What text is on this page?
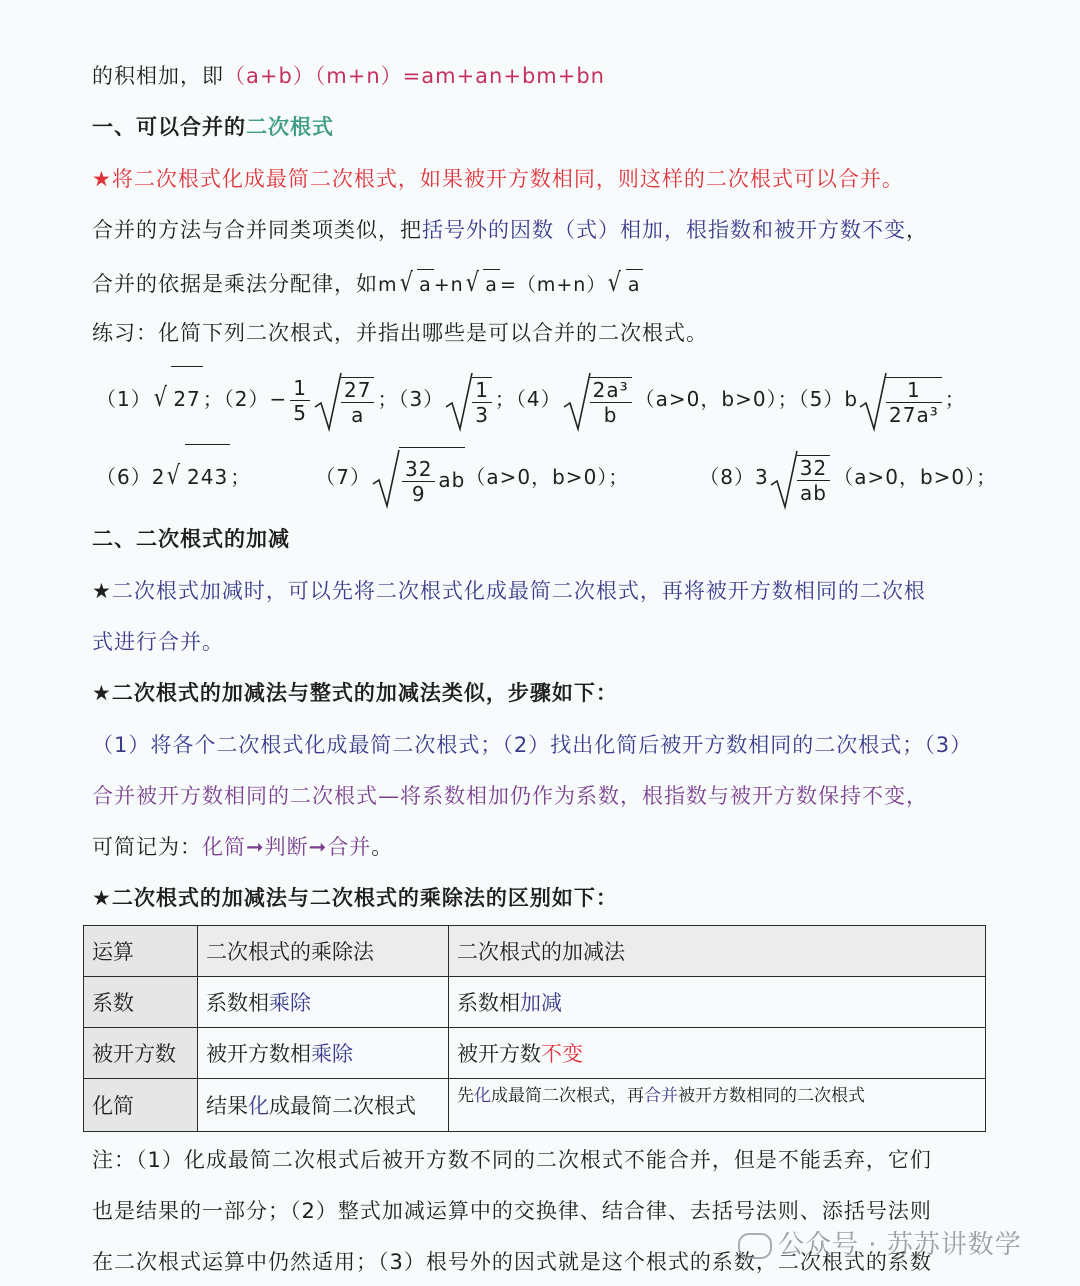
的积相加，即（a+b）（m+n）=am+an+bm+bn
一、可以合并的二次根式
★将二次根式化成最简二次根式，如果被开方数相同，则这样的二次根式可以合并。
合并的方法与合并同类项类似，把括号外的因数（式）相加，根指数和被开方数不变，
合并的依据是乘法分配律，如m√ a +n√ a =（m+n）√ a
练习：化简下列二次根式，并指出哪些是可以合并的二次根式。
（1）√ 27 ；$(2)- \frac{1}{5} \frac{27}{a}$ ；$(3) \frac{1}{3}$ ；$(4) \frac{\text{2a³}}{b} (a>0$，b>0）；$(5)b \frac{1}{\text{27a³}}$ ；
（6）2√ 243 ；	$(7) \frac{32}{9} ab(a>0$，b>0）；	$(8)3 \frac{32}{ab} (a>0$，b>0）；
二、二次根式的加减
★二次根式加减时，可以先将二次根式化成最简二次根式，再将被开方数相同的二次根
式进行合并。
★二次根式的加减法与整式的加减法类似，步骤如下：
（1）将各个二次根式化成最简二次根式；（2）找出化简后被开方数相同的二次根式；（3）
合并被开方数相同的二次根式—将系数相加仍作为系数，根指数与被开方数保持不变，
可简记为：化简➞判断➞合并。
★二次根式的加减法与二次根式的乘除法的区别如下：
运算	二次根式的乘除法	二次根式的加减法
系数	系数相乘除	系数相加减
被开方数	被开方数相乘除	被开方数不变
化简	结果化成最简二次根式	先化成最简二次根式，再合并被开方数相同的二次根式
注：（1）化成最简二次根式后被开方数不同的二次根式不能合并，但是不能丢弃，它们
也是结果的一部分；（2）整式加减运算中的交换律、结合律、去括号法则、添括号法则
在二次根式运算中仍然适用；（3）根号外的因式就是这个根式的系数，二次根式的系数
公众号 · 苏苏讲数学
